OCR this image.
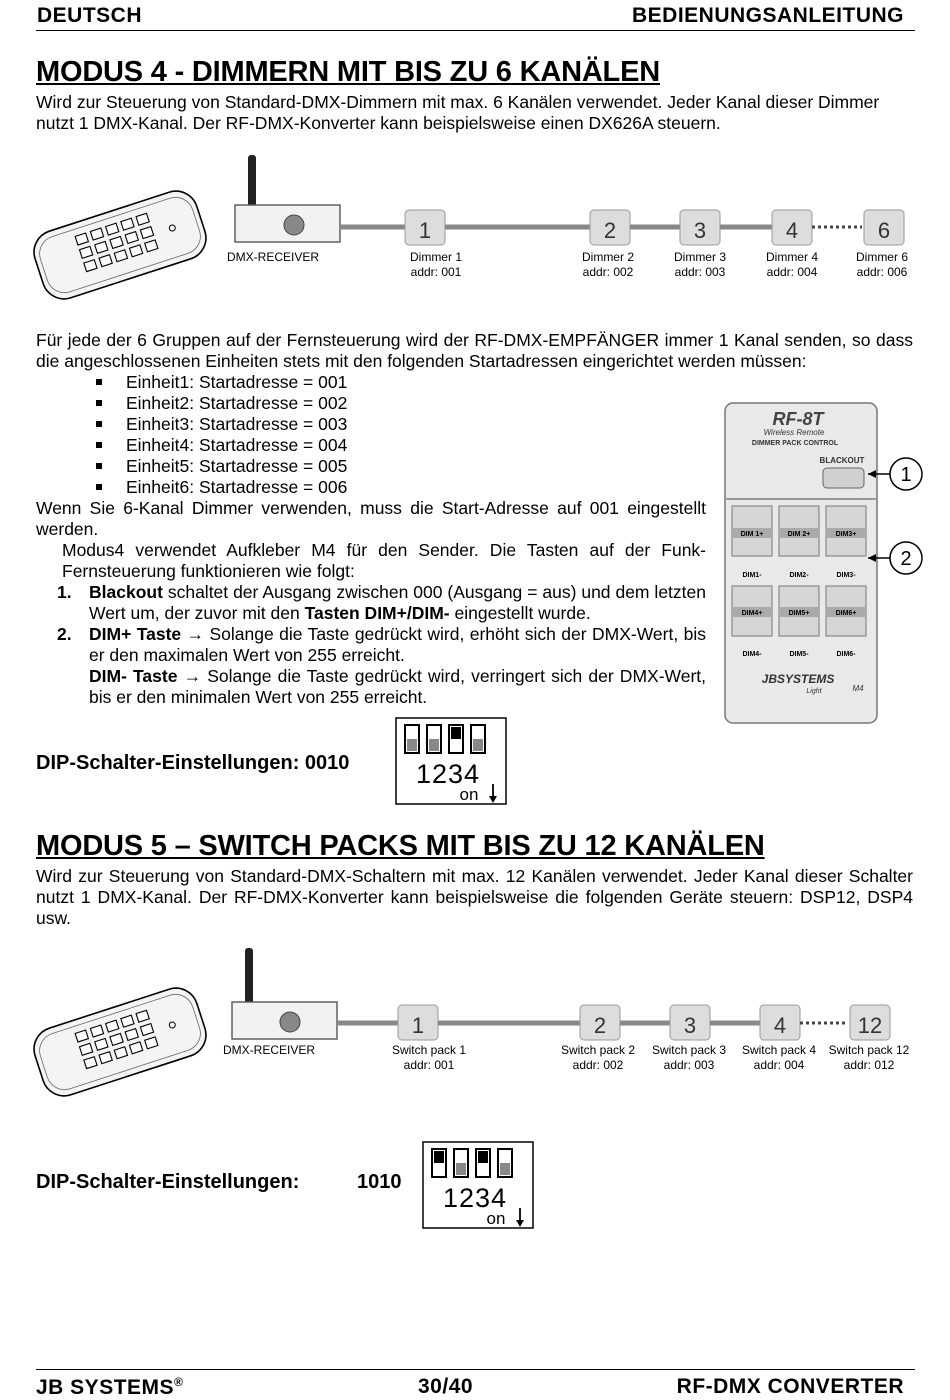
DEUTSCH	BEDIENUNGSANLEITUNG
MODUS 4 - DIMMERN MIT BIS ZU 6 KANÄLEN
Wird zur Steuerung von Standard-DMX-Dimmern mit max. 6 Kanälen verwendet. Jeder Kanal dieser Dimmer nutzt 1 DMX-Kanal. Der RF-DMX-Konverter kann beispielsweise einen DX626A steuern.
DMX-RECEIVER
1
Dimmer 1
addr: 001
2
Dimmer 2
addr: 002
3
Dimmer 3
addr: 003
4
Dimmer 4
addr: 004
6
Dimmer 6
addr: 006
Für jede der 6 Gruppen auf der Fernsteuerung wird der RF-DMX-EMPFÄNGER immer 1 Kanal senden, so dass die angeschlossenen Einheiten stets mit den folgenden Startadressen eingerichtet werden müssen:
Einheit1: Startadresse = 001
Einheit2: Startadresse = 002
Einheit3: Startadresse = 003
Einheit4: Startadresse = 004
Einheit5: Startadresse = 005
Einheit6: Startadresse = 006
Wenn Sie 6-Kanal Dimmer verwenden, muss die Start-Adresse auf 001 eingestellt werden.
Modus4 verwendet Aufkleber M4 für den Sender. Die Tasten auf der Funk-Fernsteuerung funktionieren wie folgt:
1. Blackout schaltet der Ausgang zwischen 000 (Ausgang = aus) und dem letzten Wert um, der zuvor mit den Tasten DIM+/DIM- eingestellt wurde.
2. DIM+ Taste → Solange die Taste gedrückt wird, erhöht sich der DMX-Wert, bis er den maximalen Wert von 255 erreicht.
DIM- Taste → Solange die Taste gedrückt wird, verringert sich der DMX-Wert, bis er den minimalen Wert von 255 erreicht.
RF-8T
Wireless Remote
DIMMER PACK CONTROL
BLACKOUT
DIM 1+	DIM 2+	DIM3+
DIM1-	DIM2-	DIM3-
DIM4+	DIM5+	DIM6+
DIM4-	DIM5-	DIM6-
JBSYSTEMS
Light	M4
1
2
DIP-Schalter-Einstellungen: 0010 1234
on
MODUS 5 – SWITCH PACKS MIT BIS ZU 12 KANÄLEN
Wird zur Steuerung von Standard-DMX-Schaltern mit max. 12 Kanälen verwendet. Jeder Kanal dieser Schalter nutzt 1 DMX-Kanal. Der RF-DMX-Konverter kann beispielsweise die folgenden Geräte steuern: DSP12, DSP4 usw.
DMX-RECEIVER
1
Switch pack 1
addr: 001
2
Switch pack 2
addr: 002
3
Switch pack 3
addr: 003
4
Switch pack 4
addr: 004
12
Switch pack 12
addr: 012
DIP-Schalter-Einstellungen:	1010
1234
on
JB SYSTEMS®	30/40	RF-DMX CONVERTER
